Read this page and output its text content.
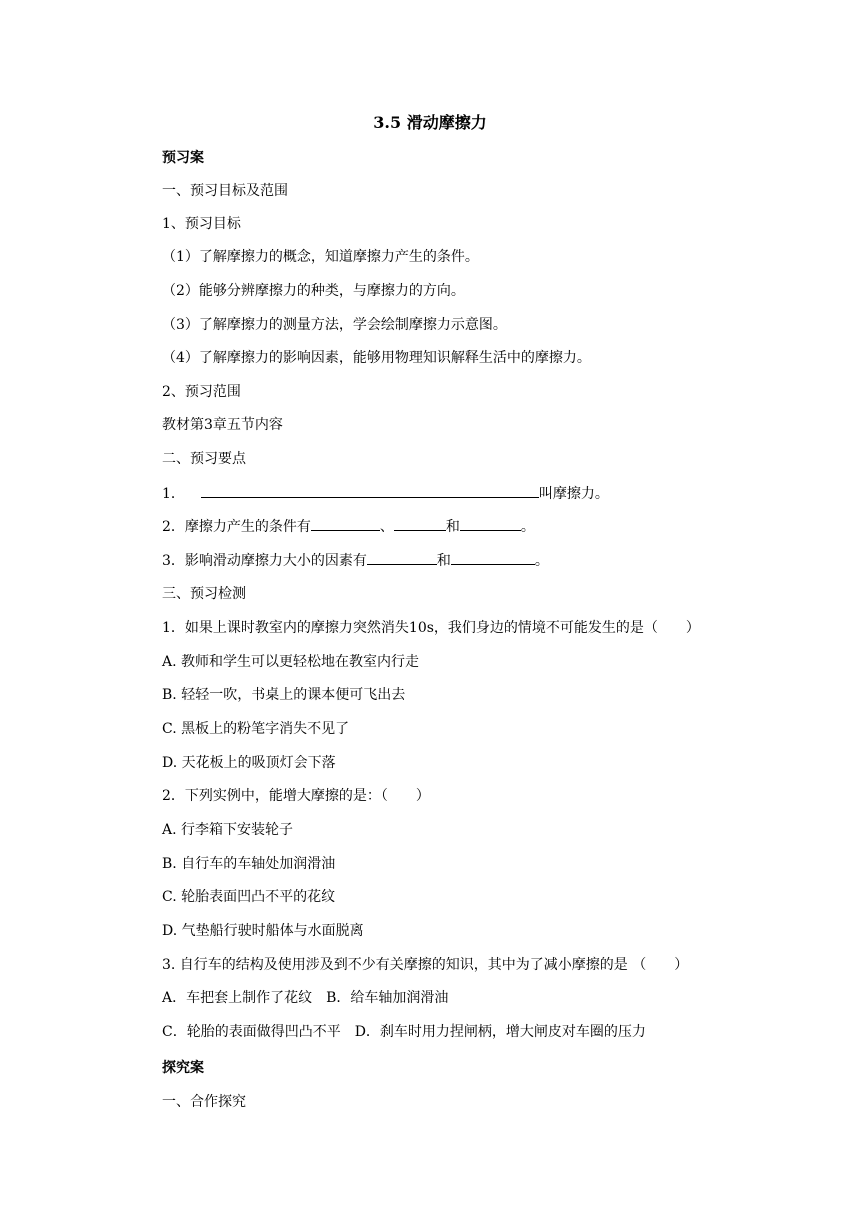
3.5 滑动摩擦力
预习案
一、预习目标及范围
1、预习目标
（1）了解摩擦力的概念，知道摩擦力产生的条件。
（2）能够分辨摩擦力的种类，与摩擦力的方向。
（3）了解摩擦力的测量方法，学会绘制摩擦力示意图。
（4）了解摩擦力的影响因素，能够用物理知识解释生活中的摩擦力。
2、预习范围
教材第3章五节内容
二、预习要点
1．	叫摩擦力。
2．摩擦力产生的条件有	、	和	。
3．影响滑动摩擦力大小的因素有	和	。
三、预习检测
1．如果上课时教室内的摩擦力突然消失10s，我们身边的情境不可能发生的是（　　）
A. 教师和学生可以更轻松地在教室内行走
B. 轻轻一吹，书桌上的课本便可飞出去
C. 黑板上的粉笔字消失不见了
D. 天花板上的吸顶灯会下落
2．下列实例中，能增大摩擦的是：（　　）
A. 行李箱下安装轮子
B. 自行车的车轴处加润滑油
C. 轮胎表面凹凸不平的花纹
D. 气垫船行驶时船体与水面脱离
3. 自行车的结构及使用涉及到不少有关摩擦的知识，其中为了减小摩擦的是 （　　）
A．车把套上制作了花纹　B．给车轴加润滑油
C．轮胎的表面做得凹凸不平　D．刹车时用力捏闸柄，增大闸皮对车圈的压力
探究案
一、合作探究
